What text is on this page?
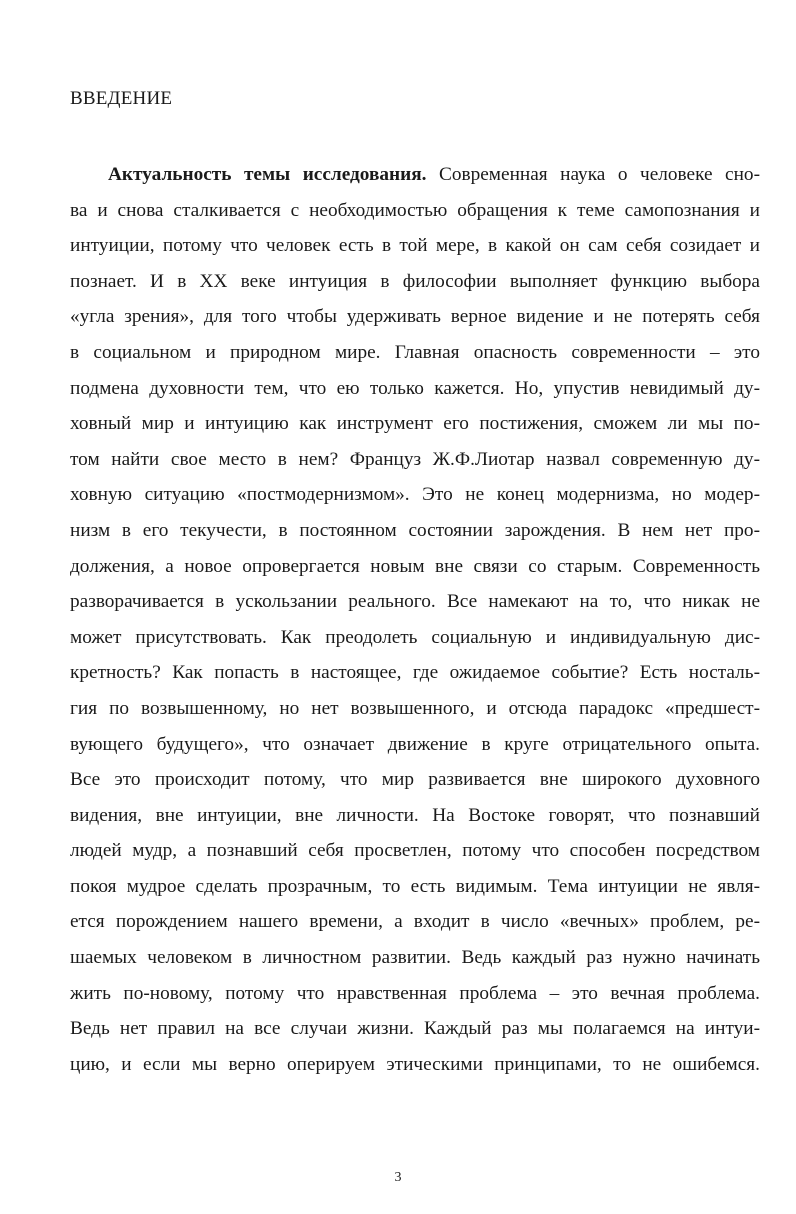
ВВЕДЕНИЕ
Актуальность темы исследования. Современная наука о человеке сно-
ва и снова сталкивается с необходимостью обращения к теме самопознания и
интуиции, потому что человек есть в той мере, в какой он сам себя созидает и
познает. И в XX веке интуиция в философии выполняет функцию выбора
«угла зрения», для того чтобы удерживать верное видение и не потерять себя
в социальном и природном мире. Главная опасность современности – это
подмена духовности тем, что ею только кажется. Но, упустив невидимый ду-
ховный мир и интуицию как инструмент его постижения, сможем ли мы по-
том найти свое место в нем? Француз Ж.Ф.Лиотар назвал современную ду-
ховную ситуацию «постмодернизмом». Это не конец модернизма, но модер-
низм в его текучести, в постоянном состоянии зарождения. В нем нет про-
должения, а новое опровергается новым вне связи со старым. Современность
разворачивается в ускользании реального. Все намекают на то, что никак не
может присутствовать. Как преодолеть социальную и индивидуальную дис-
кретность? Как попасть в настоящее, где ожидаемое событие? Есть носталь-
гия по возвышенному, но нет возвышенного, и отсюда парадокс «предшест-
вующего будущего», что означает движение в круге отрицательного опыта.
Все это происходит потому, что мир развивается вне широкого духовного
видения, вне интуиции, вне личности. На Востоке говорят, что познавший
людей мудр, а познавший себя просветлен, потому что способен посредством
покоя мудрое сделать прозрачным, то есть видимым. Тема интуиции не явля-
ется порождением нашего времени, а входит в число «вечных» проблем, ре-
шаемых человеком в личностном развитии. Ведь каждый раз нужно начинать
жить по-новому, потому что нравственная проблема – это вечная проблема.
Ведь нет правил на все случаи жизни. Каждый раз мы полагаемся на интуи-
цию, и если мы верно оперируем этическими принципами, то не ошибемся.
3
